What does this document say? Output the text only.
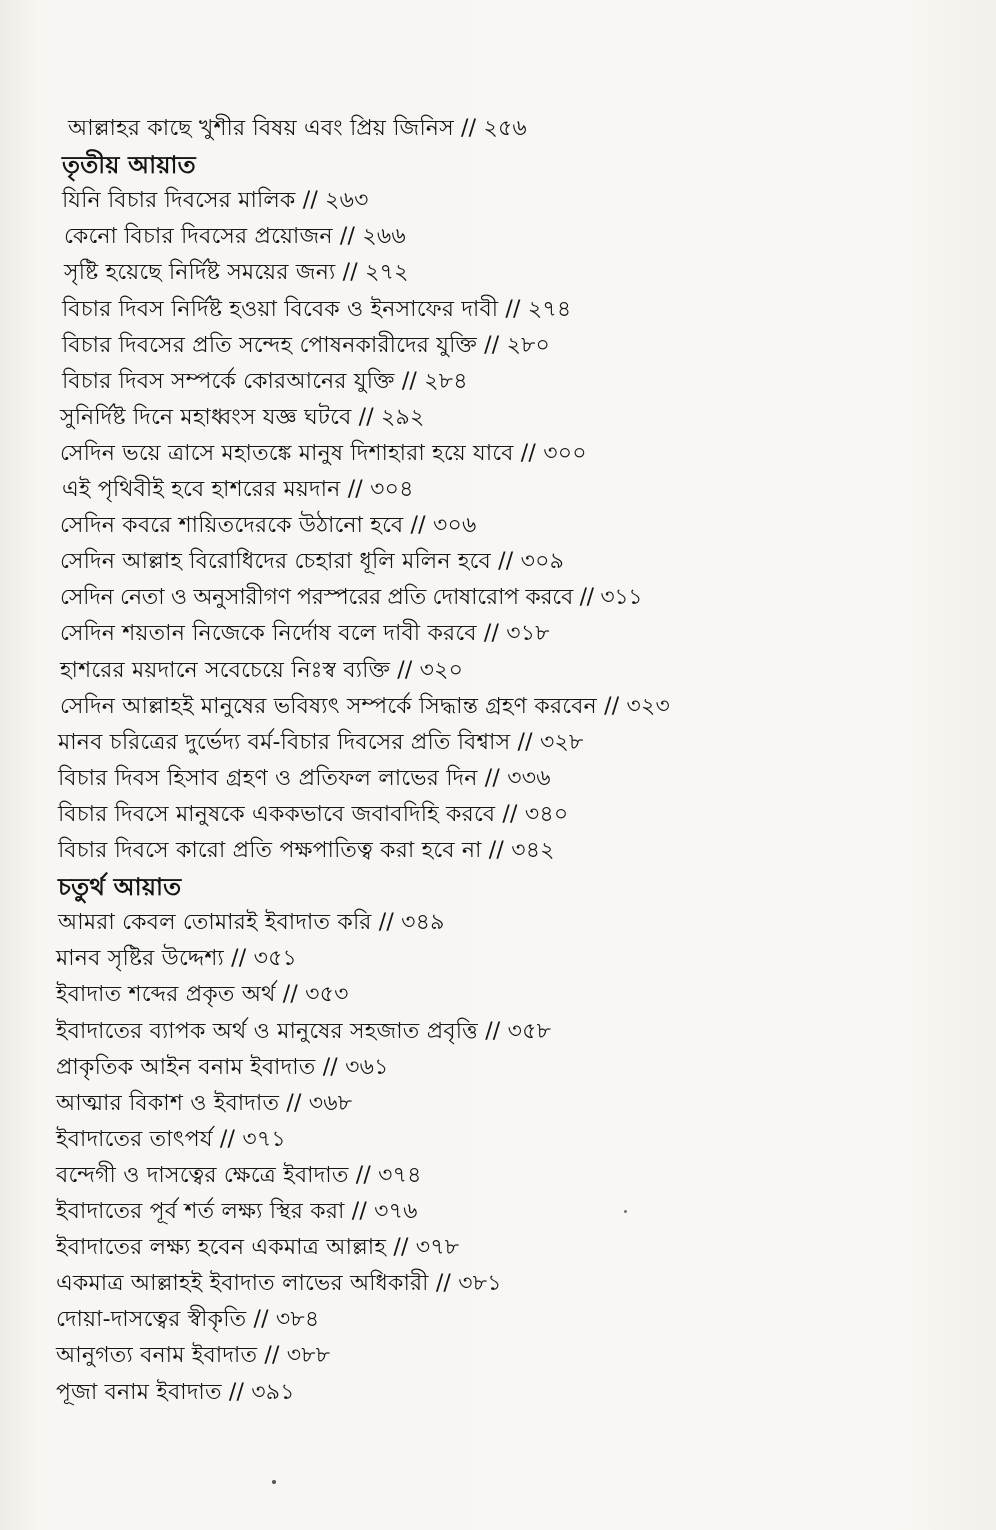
আল্লাহর কাছে খুশীর বিষয় এবং প্রিয় জিনিস // ২৫৬
তৃতীয় আয়াত
যিনি বিচার দিবসের মালিক // ২৬৩
কেনো বিচার দিবসের প্রয়োজন // ২৬৬
সৃষ্টি হয়েছে নির্দিষ্ট সময়ের জন্য // ২৭২
বিচার দিবস নির্দিষ্ট হওয়া বিবেক ও ইনসাফের দাবী // ২৭৪
বিচার দিবসের প্রতি সন্দেহ পোষনকারীদের যুক্তি // ২৮০
বিচার দিবস সম্পর্কে কোরআনের যুক্তি // ২৮৪
সুনির্দিষ্ট দিনে মহাধ্বংস যজ্ঞ ঘটবে // ২৯২
সেদিন ভয়ে ত্রাসে মহাতঙ্কে মানুষ দিশাহারা হয়ে যাবে // ৩০০
এই পৃথিবীই হবে হাশরের ময়দান // ৩০৪
সেদিন কবরে শায়িতদেরকে উঠানো হবে // ৩০৬
সেদিন আল্লাহ বিরোধিদের চেহারা ধূলি মলিন হবে // ৩০৯
সেদিন নেতা ও অনুসারীগণ পরস্পরের প্রতি দোষারোপ করবে // ৩১১
সেদিন শয়তান নিজেকে নির্দোষ বলে দাবী করবে // ৩১৮
হাশরের ময়দানে সবেচেয়ে নিঃস্ব ব্যক্তি // ৩২০
সেদিন আল্লাহই মানুষের ভবিষ্যৎ সম্পর্কে সিদ্ধান্ত গ্রহণ করবেন // ৩২৩
মানব চরিত্রের দুর্ভেদ্য বর্ম-বিচার দিবসের প্রতি বিশ্বাস // ৩২৮
বিচার দিবস হিসাব গ্রহণ ও প্রতিফল লাভের দিন // ৩৩৬
বিচার দিবসে মানুষকে এককভাবে জবাবদিহি করবে // ৩৪০
বিচার দিবসে কারো প্রতি পক্ষপাতিত্ব করা হবে না // ৩৪২
চতুর্থ আয়াত
আমরা কেবল তোমারই ইবাদাত করি // ৩৪৯
মানব সৃষ্টির উদ্দেশ্য // ৩৫১
ইবাদাত শব্দের প্রকৃত অর্থ // ৩৫৩
ইবাদাতের ব্যাপক অর্থ ও মানুষের সহজাত প্রবৃত্তি // ৩৫৮
প্রাকৃতিক আইন বনাম ইবাদাত // ৩৬১
আত্মার বিকাশ ও ইবাদাত // ৩৬৮
ইবাদাতের তাৎপর্য // ৩৭১
বন্দেগী ও দাসত্বের ক্ষেত্রে ইবাদাত // ৩৭৪
ইবাদাতের পূর্ব শর্ত লক্ষ্য স্থির করা // ৩৭৬
ইবাদাতের লক্ষ্য হবেন একমাত্র আল্লাহ // ৩৭৮
একমাত্র আল্লাহই ইবাদাত লাভের অধিকারী // ৩৮১
দোয়া-দাসত্বের স্বীকৃতি // ৩৮৪
আনুগত্য বনাম ইবাদাত // ৩৮৮
পূজা বনাম ইবাদাত // ৩৯১
